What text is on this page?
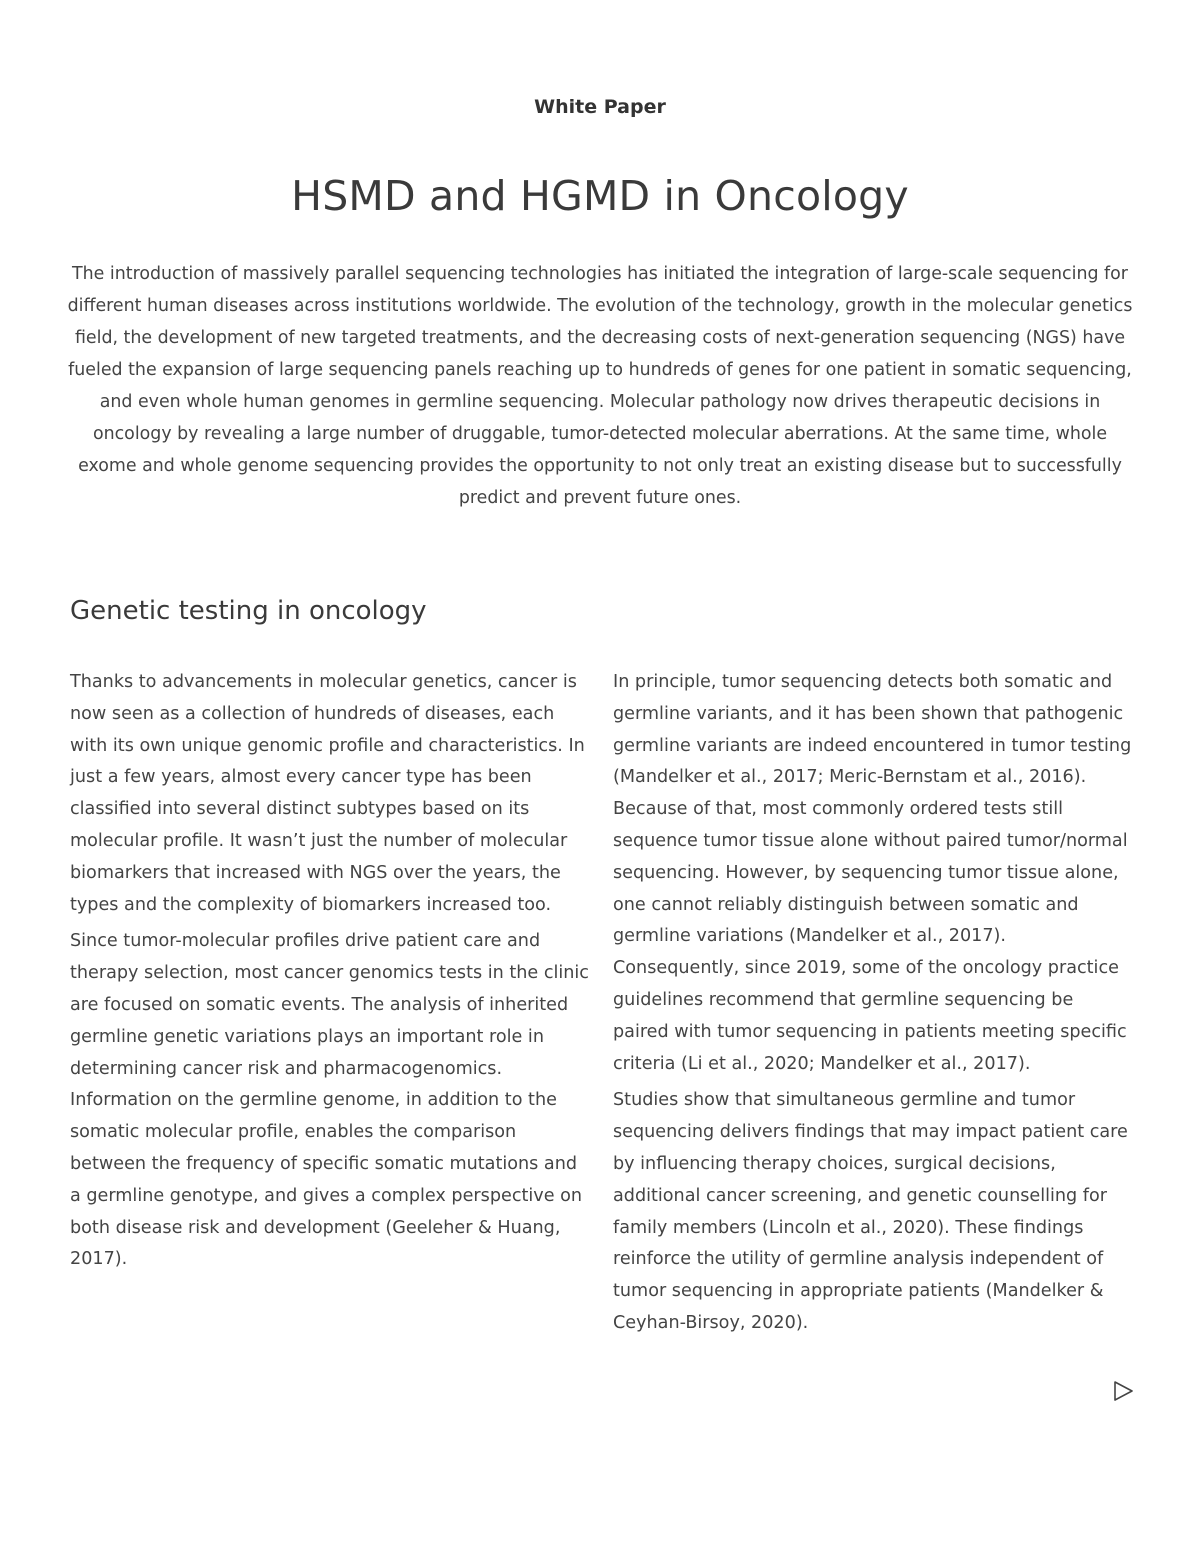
White Paper
HSMD and HGMD in Oncology

The introduction of massively parallel sequencing technologies has initiated the integration of large-scale sequencing for different human diseases across institutions worldwide. The evolution of the technology, growth in the molecular genetics field, the development of new targeted treatments, and the decreasing costs of next-generation sequencing (NGS) have fueled the expansion of large sequencing panels reaching up to hundreds of genes for one patient in somatic sequencing, and even whole human genomes in germline sequencing. Molecular pathology now drives therapeutic decisions in oncology by revealing a large number of druggable, tumor-detected molecular aberrations. At the same time, whole exome and whole genome sequencing provides the opportunity to not only treat an existing disease but to successfully predict and prevent future ones.

Genetic testing in oncology

Thanks to advancements in molecular genetics, cancer is now seen as a collection of hundreds of diseases, each with its own unique genomic profile and characteristics. In just a few years, almost every cancer type has been classified into several distinct subtypes based on its molecular profile. It wasn’t just the number of molecular biomarkers that increased with NGS over the years, the types and the complexity of biomarkers increased too.

Since tumor-molecular profiles drive patient care and therapy selection, most cancer genomics tests in the clinic are focused on somatic events. The analysis of inherited germline genetic variations plays an important role in determining cancer risk and pharmacogenomics. Information on the germline genome, in addition to the somatic molecular profile, enables the comparison between the frequency of specific somatic mutations and a germline genotype, and gives a complex perspective on both disease risk and development (Geeleher & Huang, 2017).

In principle, tumor sequencing detects both somatic and germline variants, and it has been shown that pathogenic germline variants are indeed encountered in tumor testing (Mandelker et al., 2017; Meric-Bernstam et al., 2016). Because of that, most commonly ordered tests still sequence tumor tissue alone without paired tumor/normal sequencing. However, by sequencing tumor tissue alone, one cannot reliably distinguish between somatic and germline variations (Mandelker et al., 2017). Consequently, since 2019, some of the oncology practice guidelines recommend that germline sequencing be paired with tumor sequencing in patients meeting specific criteria (Li et al., 2020; Mandelker et al., 2017).

Studies show that simultaneous germline and tumor sequencing delivers findings that may impact patient care by influencing therapy choices, surgical decisions, additional cancer screening, and genetic counselling for family members (Lincoln et al., 2020). These findings reinforce the utility of germline analysis independent of tumor sequencing in appropriate patients (Mandelker & Ceyhan-Birsoy, 2020).
